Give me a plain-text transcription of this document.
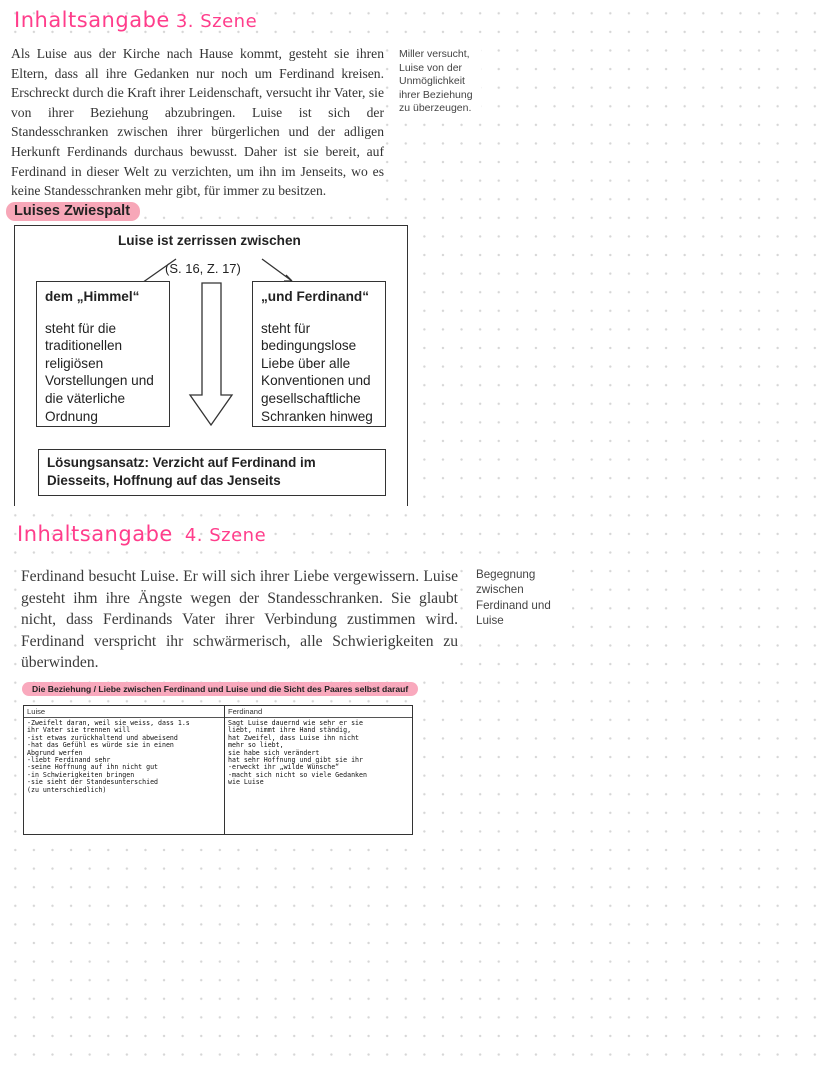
Inhaltsangabe 3. Szene
Als Luise aus der Kirche nach Hause kommt, gesteht sie ihren Eltern, dass all ihre Gedanken nur noch um Ferdinand kreisen. Erschreckt durch die Kraft ihrer Leidenschaft, versucht ihr Vater, sie von ihrer Beziehung abzubringen. Luise ist sich der Standesschranken zwischen ihrer bürgerlichen und der adligen Herkunft Ferdinands durchaus bewusst. Daher ist sie bereit, auf Ferdinand in dieser Welt zu verzichten, um ihn im Jenseits, wo es keine Standesschranken mehr gibt, für immer zu besitzen.
Miller versucht, Luise von der Unmöglichkeit ihrer Beziehung zu überzeugen.
Luises Zwiespalt
Luise ist zerrissen zwischen
(S. 16, Z. 17)
dem „Himmel“
steht für die traditionellen religiösen Vorstellungen und die väterliche Ordnung
„und Ferdinand“
steht für bedingungslose Liebe über alle Konventionen und gesellschaftliche Schranken hinweg
Lösungsansatz: Verzicht auf Ferdinand im Diesseits, Hoffnung auf das Jenseits
Inhaltsangabe 4. Szene
Ferdinand besucht Luise. Er will sich ihrer Liebe vergewissern. Luise gesteht ihm ihre Ängste wegen der Standesschranken. Sie glaubt nicht, dass Ferdinands Vater ihrer Verbindung zustimmen wird. Ferdinand verspricht ihr schwärmerisch, alle Schwierigkeiten zu überwinden.
Begegnung zwischen Ferdinand und Luise
Die Beziehung / Liebe zwischen Ferdinand und Luise und die Sicht des Paares selbst darauf
Luise
-Zweifelt daran, weil sie weiss, dass 1.s
ihr Vater sie trennen will
-ist etwas zurückhaltend und abweisend
-hat das Gefühl es würde sie in einen
Abgrund werfen
-liebt Ferdinand sehr
-seine Hoffnung auf ihn nicht gut
-in Schwierigkeiten bringen
-sie sieht der Standesunterschied
(zu unterschiedlich)
Ferdinand
Sagt Luise dauernd wie sehr er sie
liebt, nimmt ihre Hand ständig,
hat Zweifel, dass Luise ihn nicht
mehr so liebt,
sie habe sich verändert
hat sehr Hoffnung und gibt sie ihr
-erweckt ihr „wilde Wünsche“
-macht sich nicht so viele Gedanken
wie Luise
